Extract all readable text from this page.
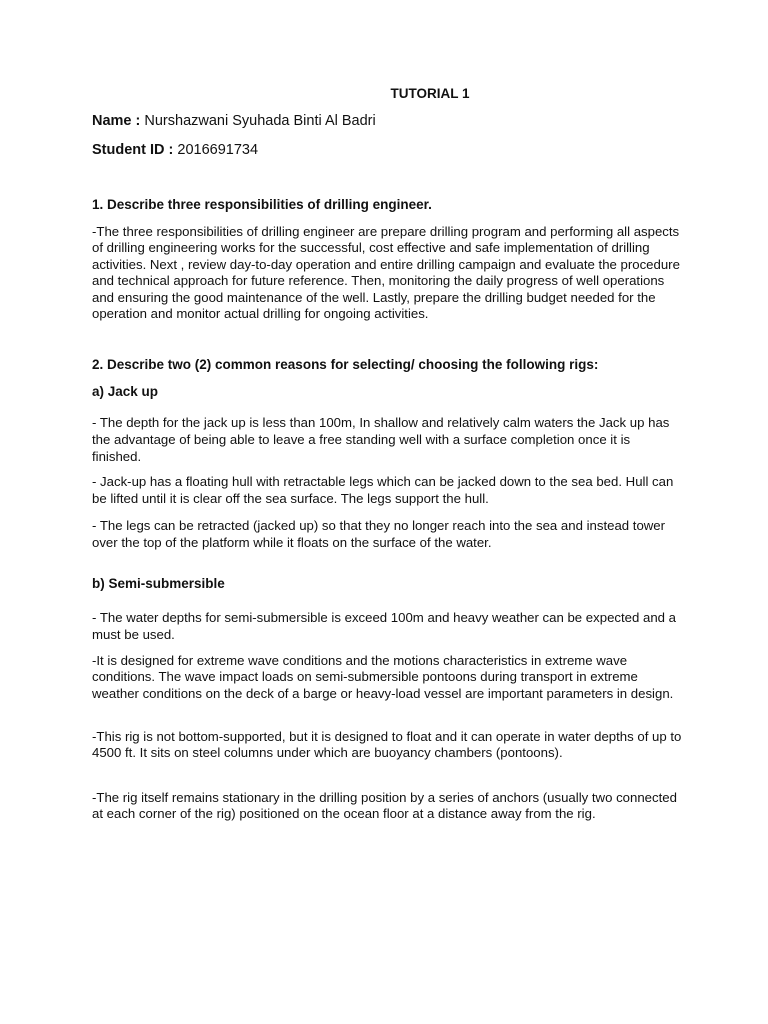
TUTORIAL 1
Name : Nurshazwani Syuhada Binti Al Badri
Student ID : 2016691734
1. Describe three responsibilities of drilling engineer.

-The three responsibilities of drilling engineer are prepare drilling program and performing all aspects of drilling engineering works for the successful, cost effective and safe implementation of drilling activities. Next , review day-to-day operation and entire drilling campaign and evaluate the procedure and technical approach for future reference. Then, monitoring the daily progress of well operations and ensuring the good maintenance of the well. Lastly, prepare the drilling budget needed for the operation and monitor actual drilling for ongoing activities.

2. Describe two (2) common reasons for selecting/ choosing the following rigs:
a) Jack up

- The depth for the jack up is less than 100m, In shallow and relatively calm waters the Jack up has the advantage of being able to leave a free standing well with a surface completion once it is finished.

- Jack-up has a floating hull with retractable legs which can be jacked down to the sea bed. Hull can be lifted until it is clear off the sea surface. The legs support the hull.

- The legs can be retracted (jacked up) so that they no longer reach into the sea and instead tower over the top of the platform while it floats on the surface of the water.

b) Semi-submersible

- The water depths for semi-submersible is exceed 100m and heavy weather can be expected and a must be used.

-It is designed for extreme wave conditions and the motions characteristics in extreme wave conditions. The wave impact loads on semi-submersible pontoons during transport in extreme weather conditions on the deck of a barge or heavy-load vessel are important parameters in design.

-This rig is not bottom-supported, but it is designed to float and it can operate in water depths of up to 4500 ft. It sits on steel columns under which are buoyancy chambers (pontoons).

-The rig itself remains stationary in the drilling position by a series of anchors (usually two connected at each corner of the rig) positioned on the ocean floor at a distance away from the rig.
